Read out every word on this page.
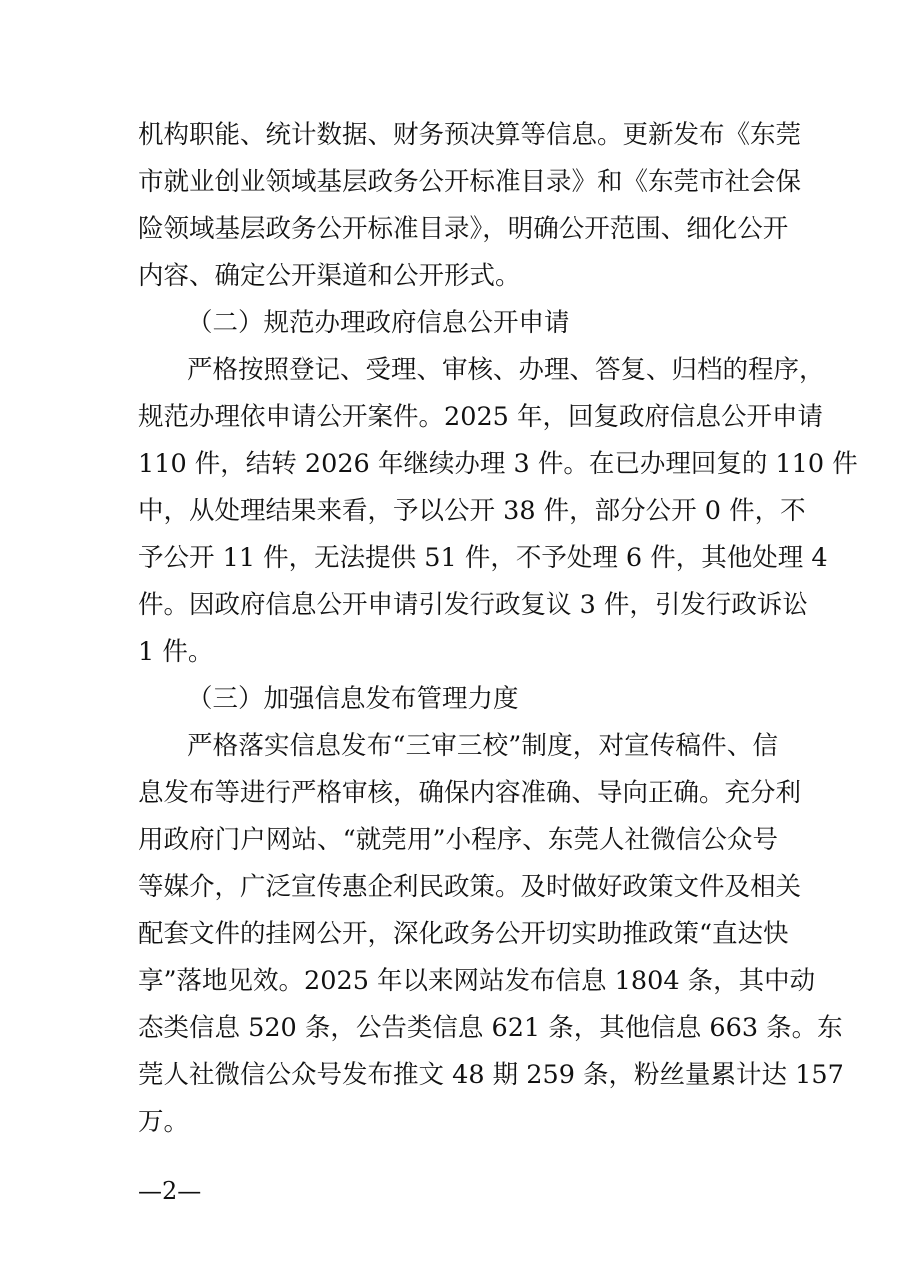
机构职能、统计数据、财务预决算等信息。更新发布《东莞
市就业创业领域基层政务公开标准目录》和《东莞市社会保
险领域基层政务公开标准目录》，明确公开范围、细化公开
内容、确定公开渠道和公开形式。
（二）规范办理政府信息公开申请
严格按照登记、受理、审核、办理、答复、归档的程序，
规范办理依申请公开案件。2025 年，回复政府信息公开申请
110 件，结转 2026 年继续办理 3 件。在已办理回复的 110 件
中，从处理结果来看，予以公开 38 件，部分公开 0 件，不
予公开 11 件，无法提供 51 件，不予处理 6 件，其他处理 4
件。因政府信息公开申请引发行政复议 3 件，引发行政诉讼
1 件。
（三）加强信息发布管理力度
严格落实信息发布“三审三校”制度，对宣传稿件、信
息发布等进行严格审核，确保内容准确、导向正确。充分利
用政府门户网站、“就莞用”小程序、东莞人社微信公众号
等媒介，广泛宣传惠企利民政策。及时做好政策文件及相关
配套文件的挂网公开，深化政务公开切实助推政策“直达快
享”落地见效。2025 年以来网站发布信息 1804 条，其中动
态类信息 520 条，公告类信息 621 条，其他信息 663 条。东
莞人社微信公众号发布推文 48 期 259 条，粉丝量累计达 157
万。
—2—
